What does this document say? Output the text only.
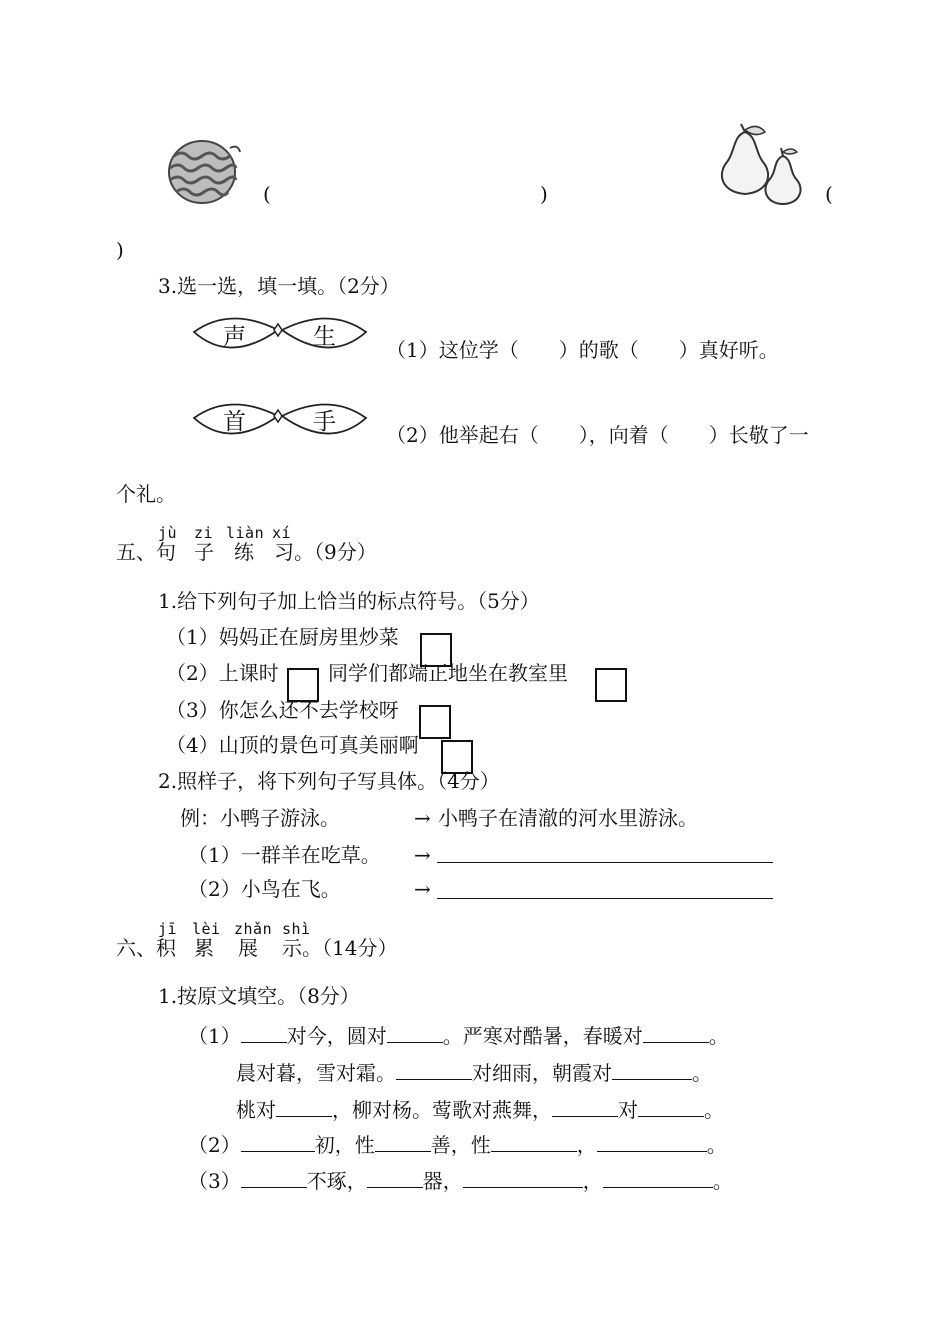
(	)	(
)
3.选一选，填一填。（2分）
声	生	（1）这位学（　　）的歌（　　）真好听。
首	手	（2）他举起右（　　），向着（　　）长敬了一
个礼。
jù zi liàn xí
五、句 子 练 习。（9分）
1.给下列句子加上恰当的标点符号。（5分）
（1）妈妈正在厨房里炒菜
（2）上课时 同学们都端正地坐在教室里
（3）你怎么还不去学校呀
（4）山顶的景色可真美丽啊
2.照样子，将下列句子写具体。（4分）
例：小鸭子游泳。	→ 小鸭子在清澈的河水里游泳。
（1）一群羊在吃草。 →
（2）小鸟在飞。	→
jī lèi zhǎn shì
六、积 累 展 示。（14分）
1.按原文填空。（8分）
（1） 对今，圆对	。严寒对酷暑，春暖对	。
晨对暮，雪对霜。	对细雨，朝霞对	。
桃对	，柳对杨。莺歌对燕舞，	对	。
（2）	初，性	善，性	，	。
（3）	不琢，	器，	，	。
